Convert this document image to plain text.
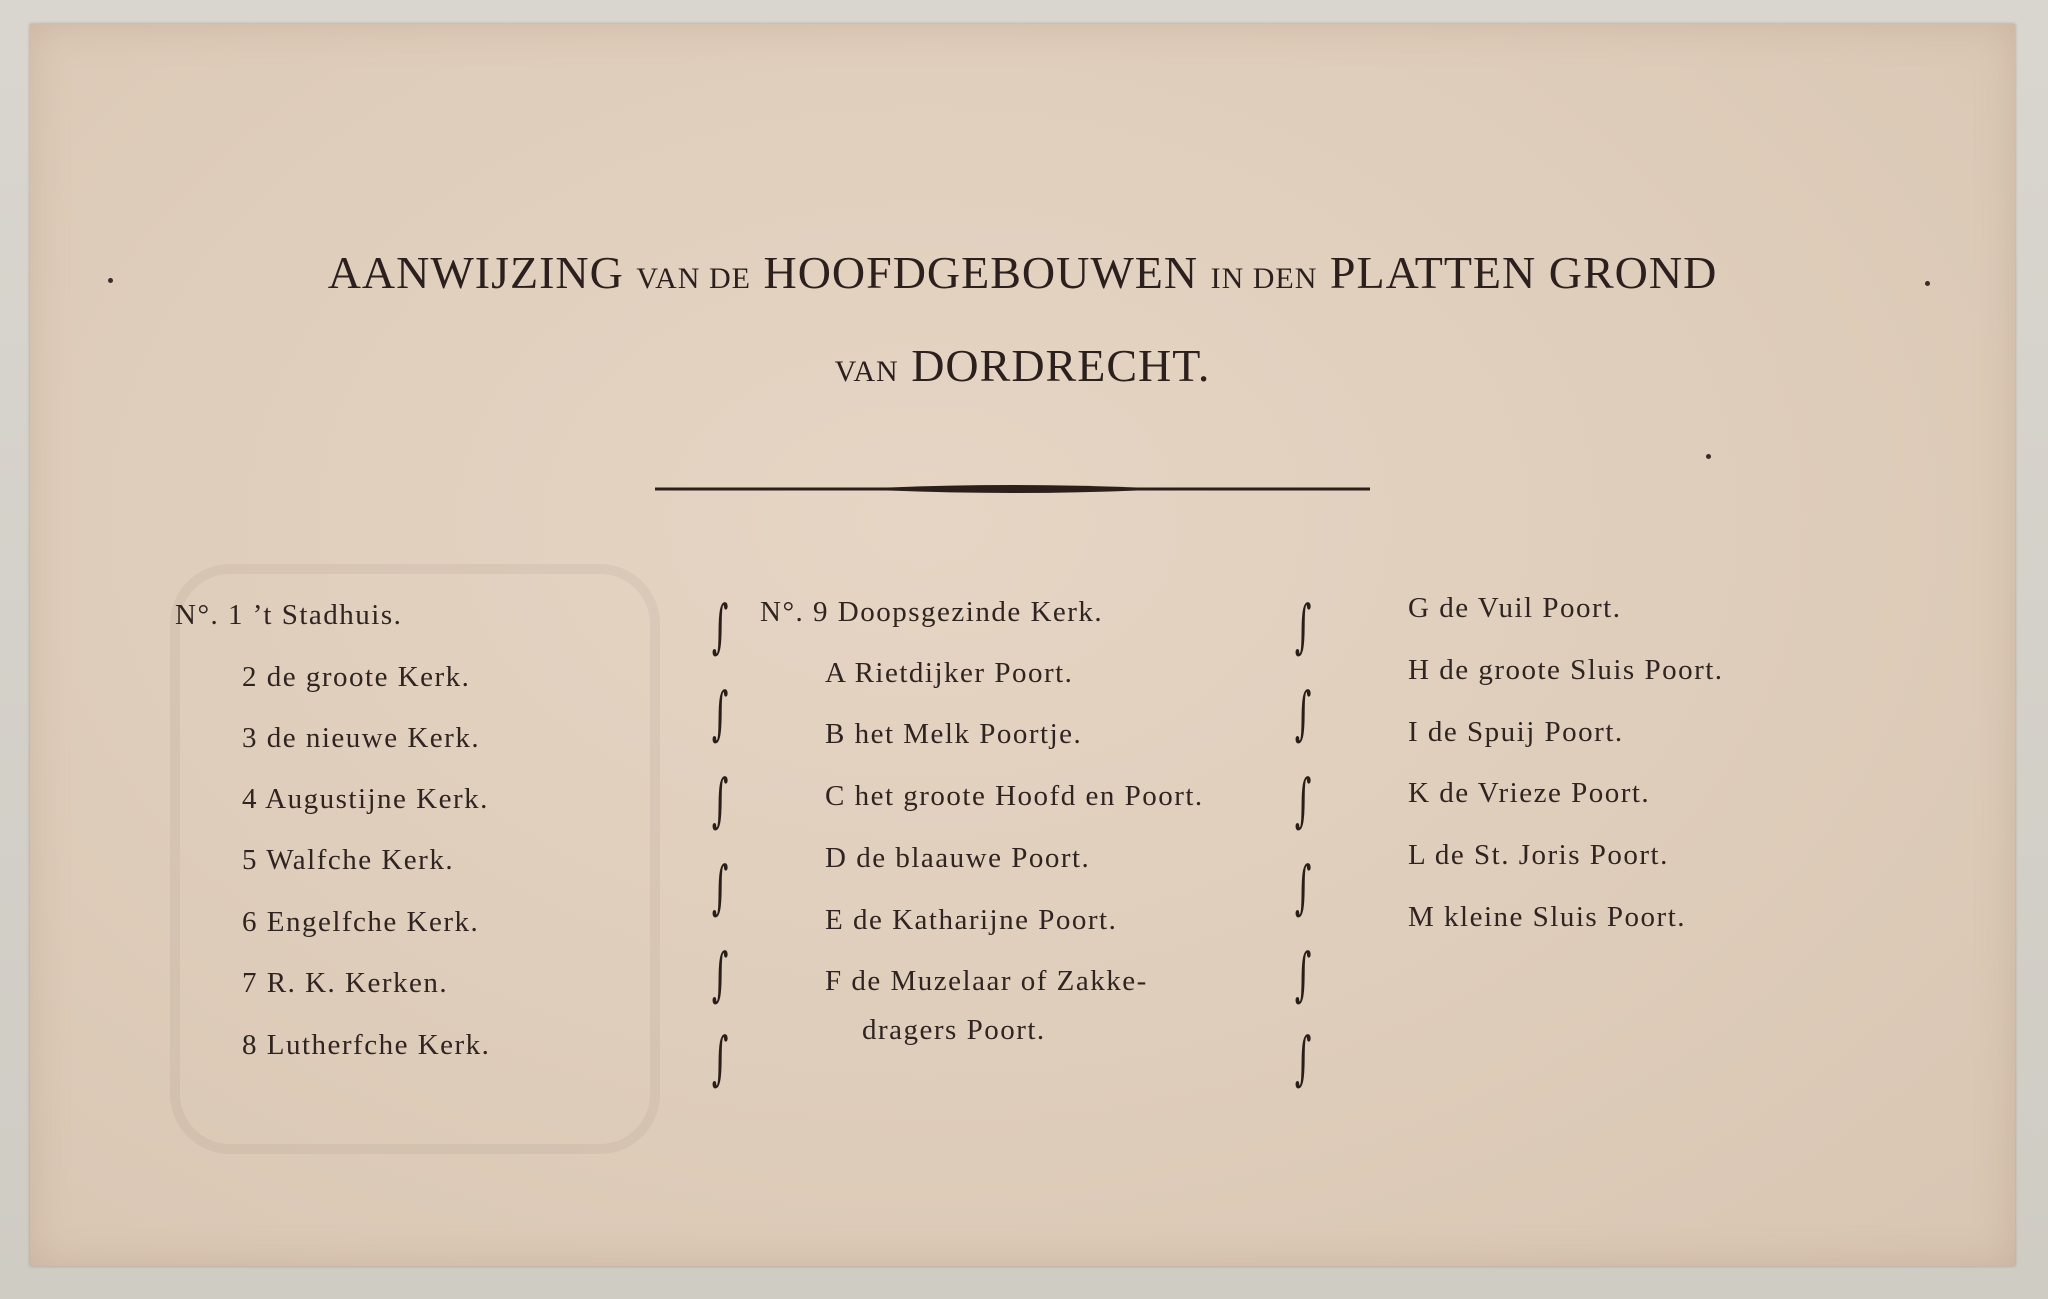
AANWIJZING VAN DE HOOFDGEBOUWEN IN DEN PLATTEN GROND
VAN DORDRECHT.
N°. 1 ’t Stadhuis.
2 de groote Kerk.
3 de nieuwe Kerk.
4 Augustijne Kerk.
5 Walfche Kerk.
6 Engelfche Kerk.
7 R. K. Kerken.
8 Lutherfche Kerk.
∫
∫
∫
∫
∫
∫
N°. 9 Doopsgezinde Kerk.
A Rietdijker Poort.
B het Melk Poortje.
C het groote Hoofd en Poort.
D de blaauwe Poort.
E de Katharijne Poort.
F de Muzelaar of Zakke-
dragers Poort.
∫
∫
∫
∫
∫
∫
G de Vuil Poort.
H de groote Sluis Poort.
I de Spuij Poort.
K de Vrieze Poort.
L de St. Joris Poort.
M kleine Sluis Poort.
